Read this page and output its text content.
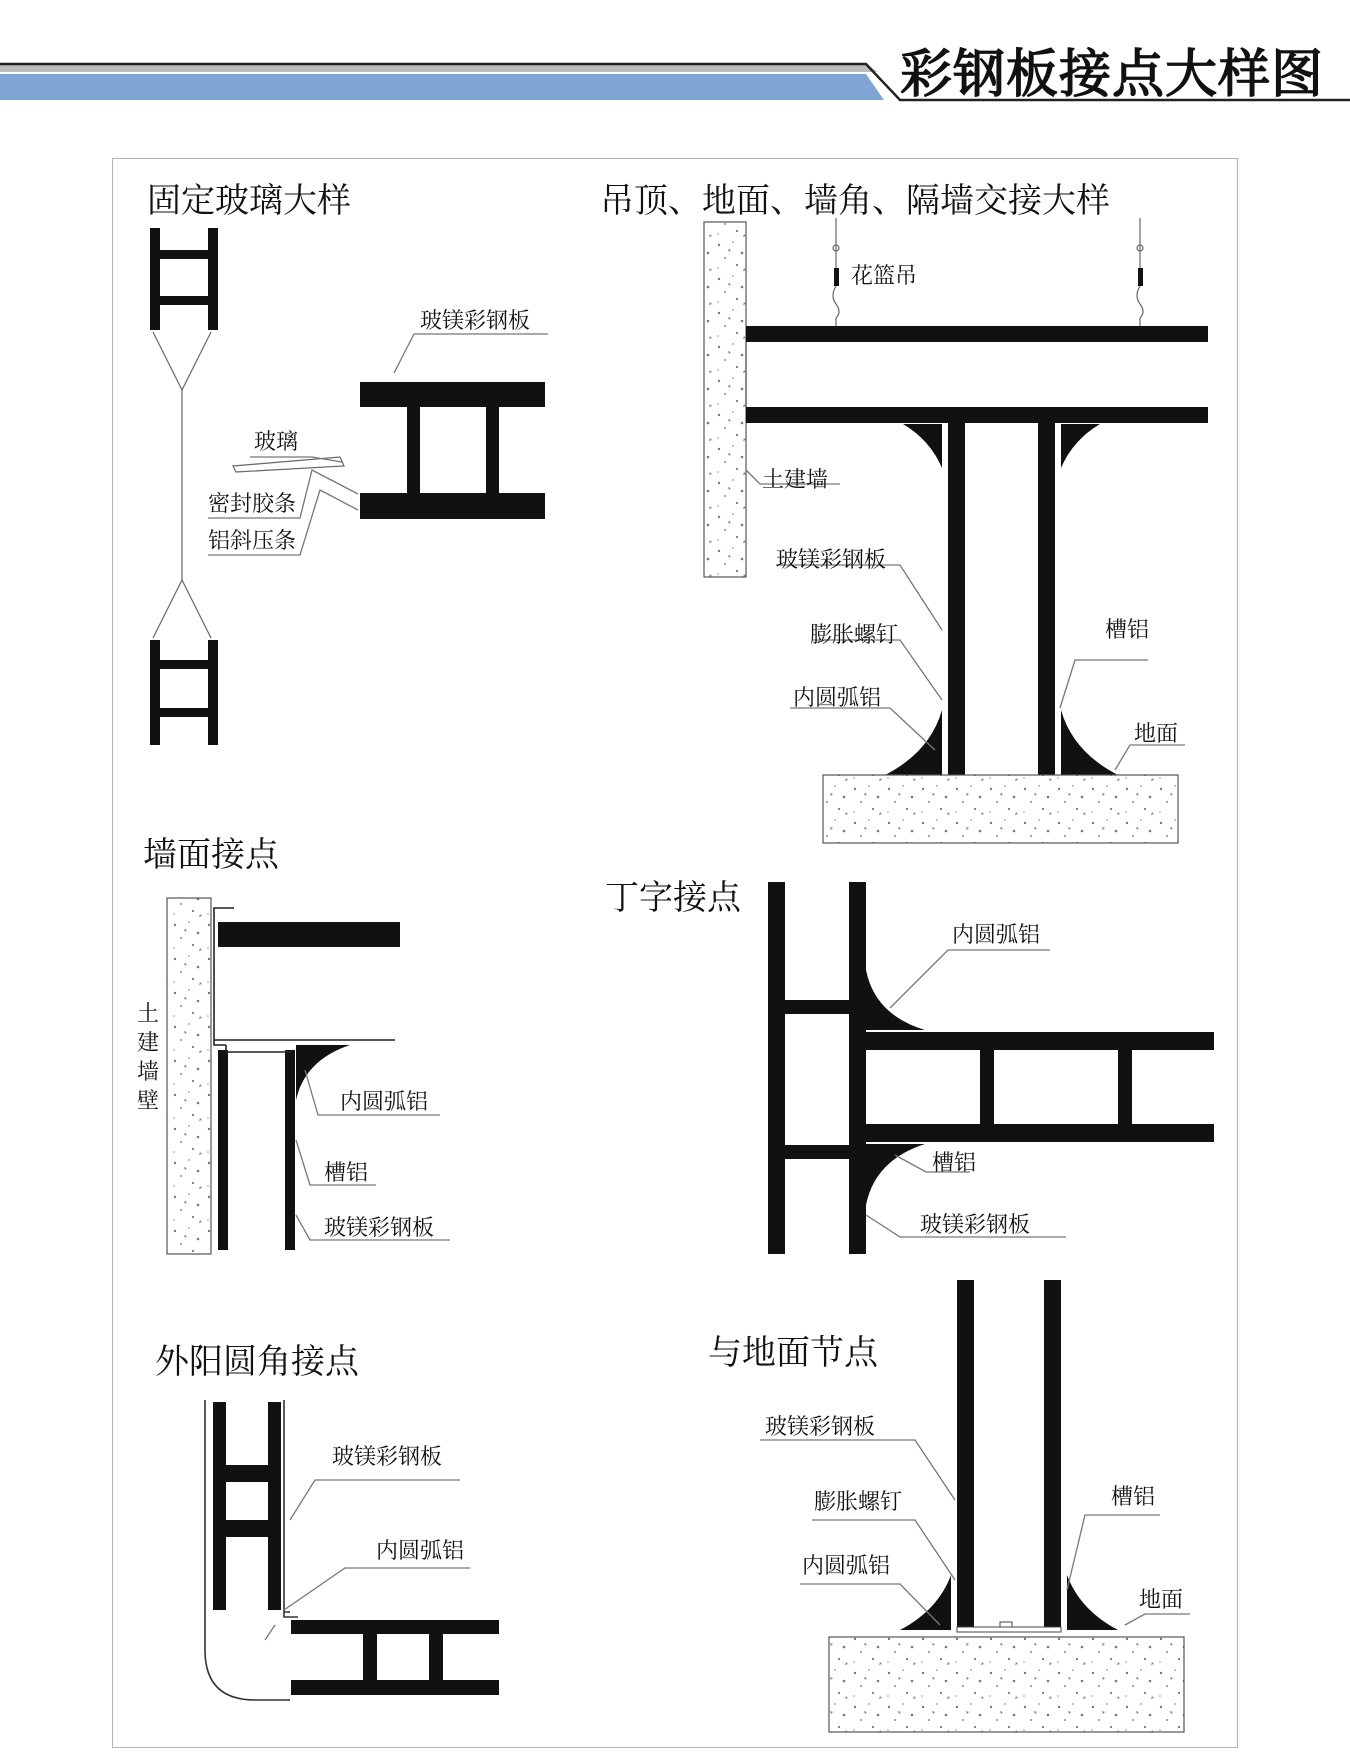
彩钢板接点大样图
固定玻璃大样	吊顶、地面、墙角、隔墙交接大样
墙面接点
丁字接点
外阳圆角接点	与地面节点
玻镁彩钢板
玻璃
密封胶条
铝斜压条
花篮吊
土建墙
玻镁彩钢板
膨胀螺钉
内圆弧铝
槽铝
地面
土建墙壁	内圆弧铝
槽铝
玻镁彩钢板
内圆弧铝
槽铝
玻镁彩钢板
玻镁彩钢板
内圆弧铝
玻镁彩钢板
膨胀螺钉
内圆弧铝
槽铝
地面
